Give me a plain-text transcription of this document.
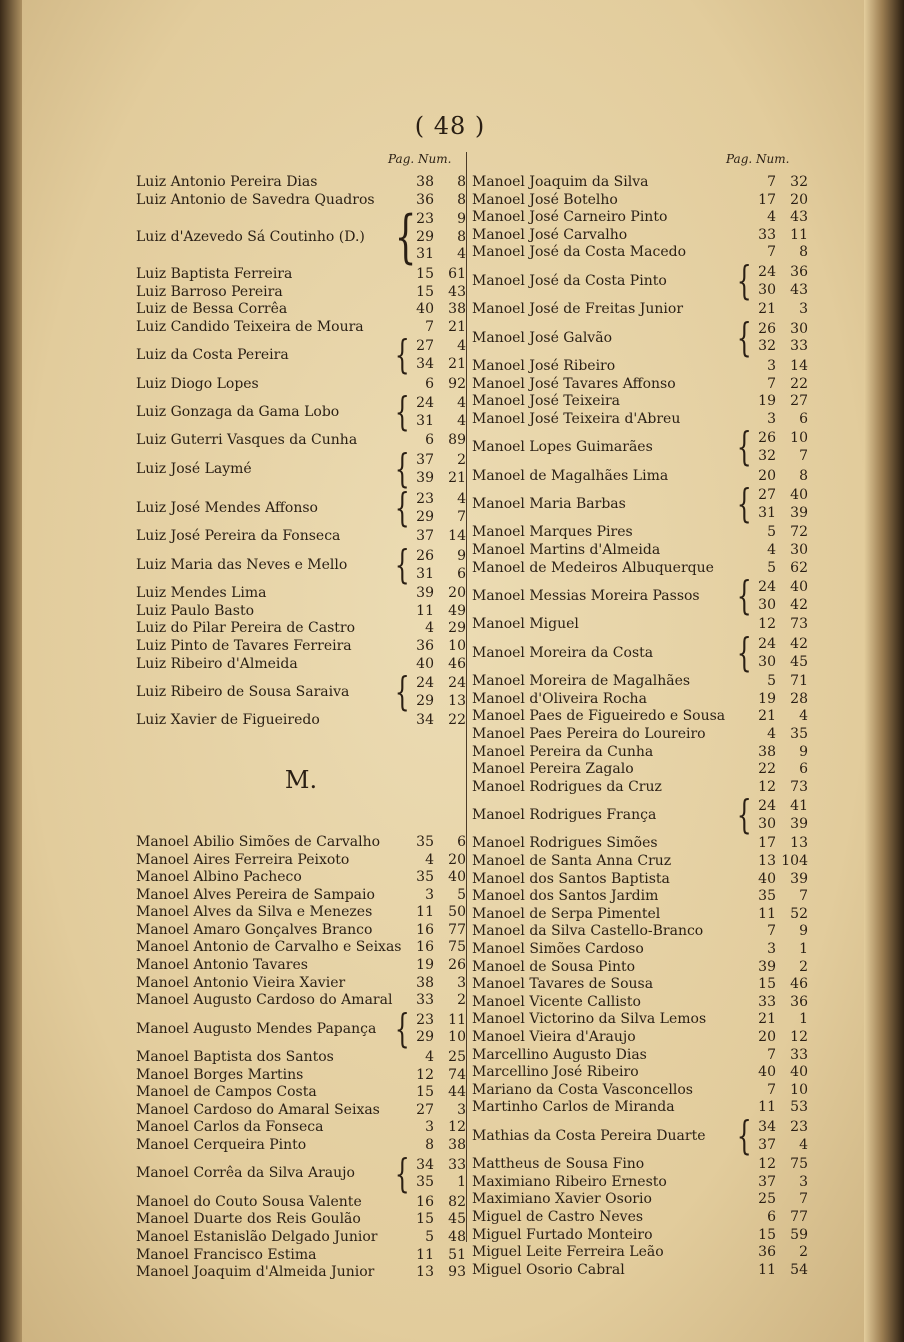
( 48 )
Pag. Num.	Pag. Num.
Luiz Antonio Pereira Dias	38	8
Luiz Antonio de Savedra Quadros	36	8
Luiz d'Azevedo Sá Coutinho (D.) { 23	9
29	8
31	4
Luiz Baptista Ferreira	15	61
Luiz Barroso Pereira	15	43
Luiz de Bessa Corrêa	40	38
Luiz Candido Teixeira de Moura	7	21
Luiz da Costa Pereira	{ 27	4
34	21
Luiz Diogo Lopes	6	92
Luiz Gonzaga da Gama Lobo	{ 24	4
31	4
Luiz Guterri Vasques da Cunha	6	89
Luiz José Laymé	{ 37	2
39	21
Luiz José Mendes Affonso	{ 23	4
29	7
Luiz José Pereira da Fonseca	37	14
Luiz Maria das Neves e Mello	{ 26	9
31	6
Luiz Mendes Lima	39	20
Luiz Paulo Basto	11	49
Luiz do Pilar Pereira de Castro	4	29
Luiz Pinto de Tavares Ferreira	36	10
Luiz Ribeiro d'Almeida	40	46
Luiz Ribeiro de Sousa Saraiva	{ 24	24
29	13
Luiz Xavier de Figueiredo	34	22
M.
Manoel Abilio Simões de Carvalho	35	6
Manoel Aires Ferreira Peixoto	4	20
Manoel Albino Pacheco	35	40
Manoel Alves Pereira de Sampaio	3	5
Manoel Alves da Silva e Menezes	11	50
Manoel Amaro Gonçalves Branco	16	77
Manoel Antonio de Carvalho e Seixas	16	75
Manoel Antonio Tavares	19	26
Manoel Antonio Vieira Xavier	38	3
Manoel Augusto Cardoso do Amaral	33	2
Manoel Augusto Mendes Papança { 23	11
29	10
Manoel Baptista dos Santos	4	25
Manoel Borges Martins	12	74
Manoel de Campos Costa	15	44
Manoel Cardoso do Amaral Seixas	27	3
Manoel Carlos da Fonseca	3	12
Manoel Cerqueira Pinto	8	38
Manoel Corrêa da Silva Araujo	{ 34	33
35	1
Manoel do Couto Sousa Valente	16	82
Manoel Duarte dos Reis Goulão	15	45
Manoel Estanislão Delgado Junior	5	48
Manoel Francisco Estima	11	51
Manoel Joaquim d'Almeida Junior	13	93
Manoel Joaquim da Silva	7	32
Manoel José Botelho	17	20
Manoel José Carneiro Pinto	4	43
Manoel José Carvalho	33	11
Manoel José da Costa Macedo	7	8
Manoel José da Costa Pinto	{ 24	36
30	43
Manoel José de Freitas Junior	21	3
Manoel José Galvão	{ 26	30
32	33
Manoel José Ribeiro	3	14
Manoel José Tavares Affonso	7	22
Manoel José Teixeira	19	27
Manoel José Teixeira d'Abreu	3	6
Manoel Lopes Guimarães	{ 26	10
32	7
Manoel de Magalhães Lima	20	8
Manoel Maria Barbas	{ 27	40
31	39
Manoel Marques Pires	5	72
Manoel Martins d'Almeida	4	30
Manoel de Medeiros Albuquerque	5	62
Manoel Messias Moreira Passos { 24	40
30	42
Manoel Miguel	12	73
Manoel Moreira da Costa	{ 24	42
30	45
Manoel Moreira de Magalhães	5	71
Manoel d'Oliveira Rocha	19	28
Manoel Paes de Figueiredo e Sousa	21	4
Manoel Paes Pereira do Loureiro	4	35
Manoel Pereira da Cunha	38	9
Manoel Pereira Zagalo	22	6
Manoel Rodrigues da Cruz	12	73
Manoel Rodrigues França	{ 24	41
30	39
Manoel Rodrigues Simões	17	13
Manoel de Santa Anna Cruz	13 104
Manoel dos Santos Baptista	40	39
Manoel dos Santos Jardim	35	7
Manoel de Serpa Pimentel	11	52
Manoel da Silva Castello-Branco	7	9
Manoel Simões Cardoso	3	1
Manoel de Sousa Pinto	39	2
Manoel Tavares de Sousa	15	46
Manoel Vicente Callisto	33	36
Manoel Victorino da Silva Lemos	21	1
Manoel Vieira d'Araujo	20	12
Marcellino Augusto Dias	7	33
Marcellino José Ribeiro	40	40
Mariano da Costa Vasconcellos	7	10
Martinho Carlos de Miranda	11	53
Mathias da Costa Pereira Duarte { 34	23
37	4
Mattheus de Sousa Fino	12	75
Maximiano Ribeiro Ernesto	37	3
Maximiano Xavier Osorio	25	7
Miguel de Castro Neves	6	77
Miguel Furtado Monteiro	15	59
Miguel Leite Ferreira Leão	36	2
Miguel Osorio Cabral	11	54
